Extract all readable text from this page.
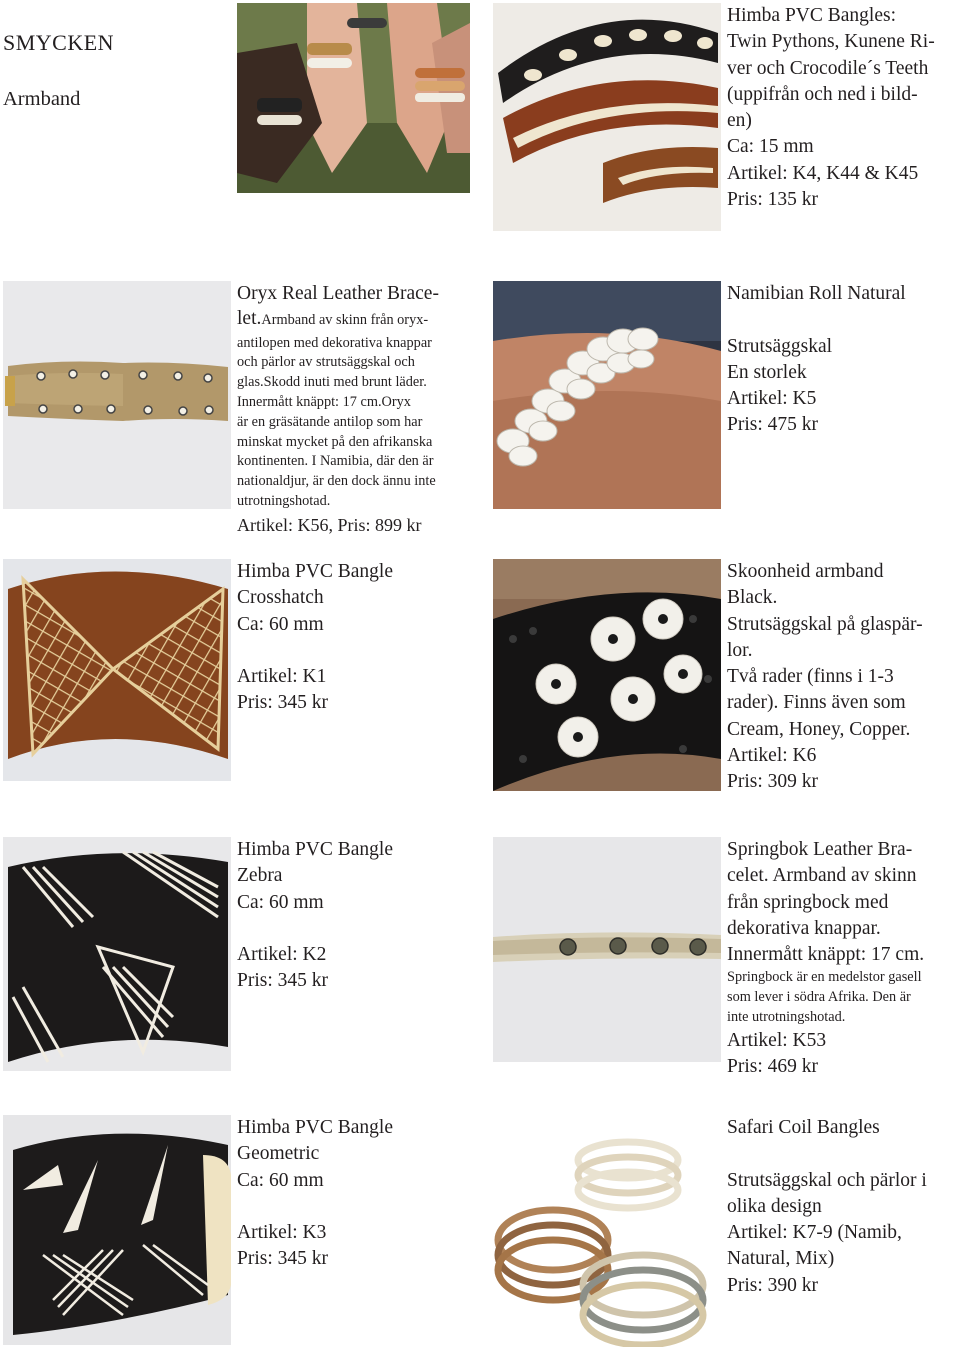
SMYCKEN
Armband

Himba PVC Bangles:

Twin Pythons, Kunene Ri-

ver och Crocodile´s Teeth

(uppifrån och ned i bild-

en)

Ca: 15 mm

Artikel: K4, K44 & K45

Pris: 135 kr

Oryx Real Leather Brace-

let.Armband av skinn från oryx-

antilopen med dekorativa knappar

och pärlor av strutsäggskal och

glas.Skodd inuti med brunt läder.

Innermått knäppt: 17 cm.Oryx

är en gräsätande antilop som har

minskat mycket på den afrikanska

kontinenten. I Namibia, där den är

nationaldjur, är den dock ännu inte

utrotningshotad.

Artikel: K56, Pris: 899 kr

Namibian Roll Natural

Strutsäggskal

En storlek

Artikel: K5

Pris: 475 kr

Himba PVC Bangle

Crosshatch

Ca: 60 mm

Artikel: K1

Pris: 345 kr

Skoonheid armband

Black.

Strutsäggskal på glaspär-

lor.

Två rader (finns i 1-3

rader). Finns även som

Cream, Honey, Copper.

Artikel: K6

Pris: 309 kr

Himba PVC Bangle

Zebra

Ca: 60 mm

Artikel: K2

Pris: 345 kr

Springbok Leather Bra-

celet. Armband av skinn

från springbock med

dekorativa knappar.

Innermått knäppt: 17 cm.

Springbock är en medelstor gasell

som lever i södra Afrika. Den är

inte utrotningshotad.

Artikel: K53

Pris: 469 kr

Himba PVC Bangle

Geometric

Ca: 60 mm

Artikel: K3

Pris: 345 kr

Safari Coil Bangles

Strutsäggskal och pärlor i

olika design

Artikel: K7-9 (Namib,

Natural, Mix)

Pris: 390 kr
